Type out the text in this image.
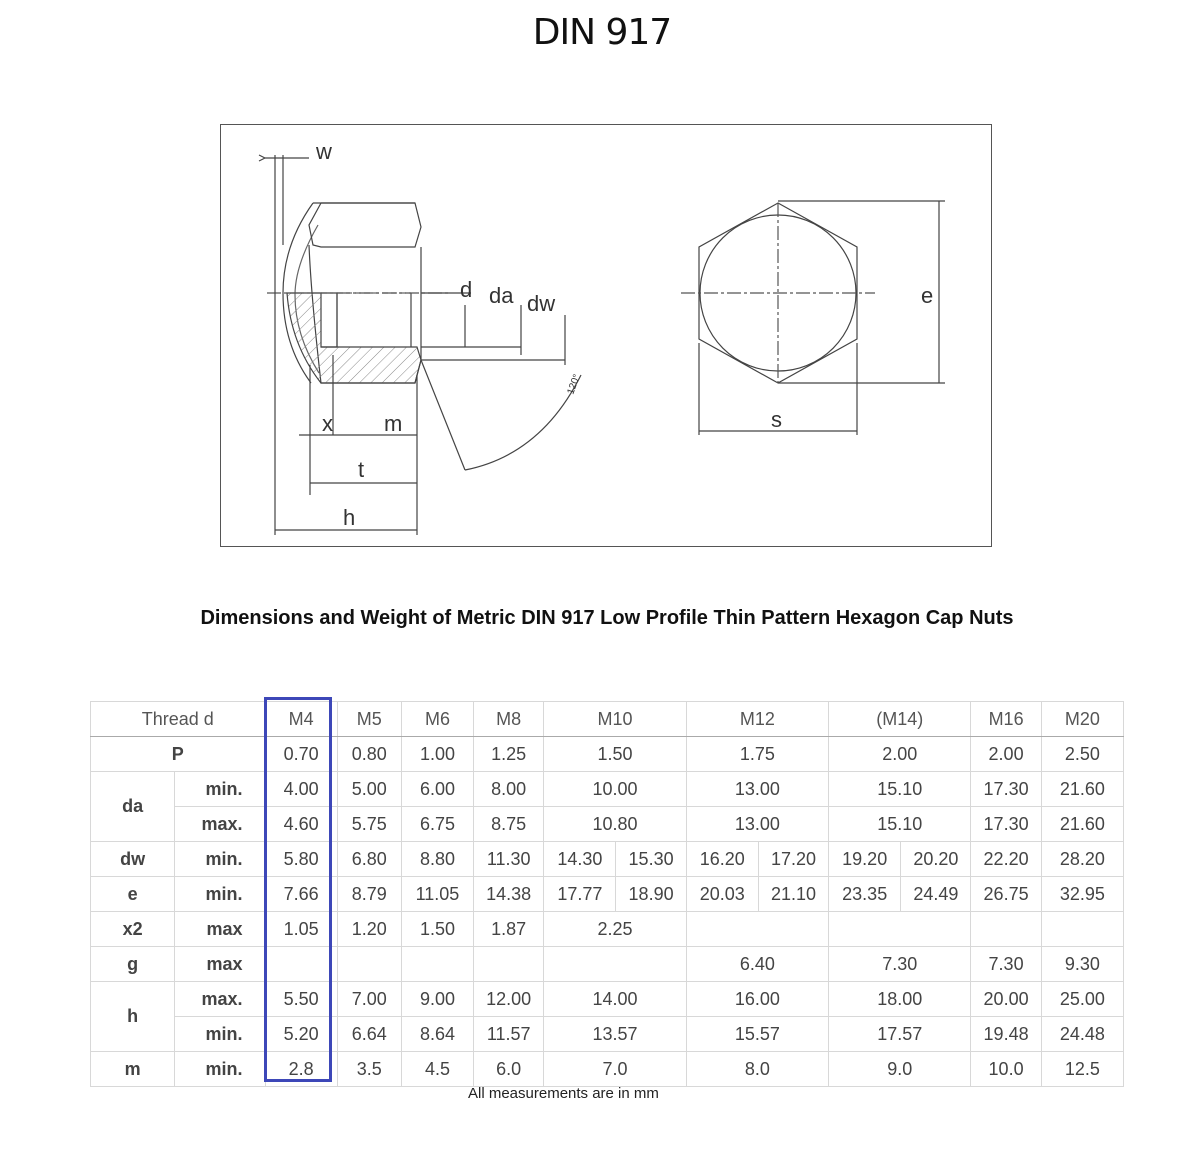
DIN 917
w
d da dw	e
s
x m
t
h
120°
Dimensions and Weight of Metric DIN 917 Low Profile Thin Pattern Hexagon Cap Nuts
Thread d		M4	M5	M6	M8	M10		M12		(M14)		M16	M20
P		0.70	0.80	1.00	1.25	1.50		1.75		2.00		2.00	2.50
da	min.	4.00	5.00	6.00	8.00	10.00		13.00		15.10		17.30	21.60
	max.	4.60	5.75	6.75	8.75	10.80		13.00		15.10		17.30	21.60
dw	min.	5.80	6.80	8.80	11.30	14.30	15.30	16.20	17.20	19.20	20.20	22.20	28.20
e	min.	7.66	8.79	11.05	14.38	17.77	18.90	20.03	21.10	23.35	24.49	26.75	32.95
x2	max	1.05	1.20	1.50	1.87	2.25							
g	max							6.40		7.30		7.30	9.30
h	max.	5.50	7.00	9.00	12.00	14.00		16.00		18.00		20.00	25.00
	min.	5.20	6.64	8.64	11.57	13.57		15.57		17.57		19.48	24.48
m	min.	2.8	3.5	4.5	6.0	7.0		8.0		9.0		10.0	12.5
All measurements are in mm
